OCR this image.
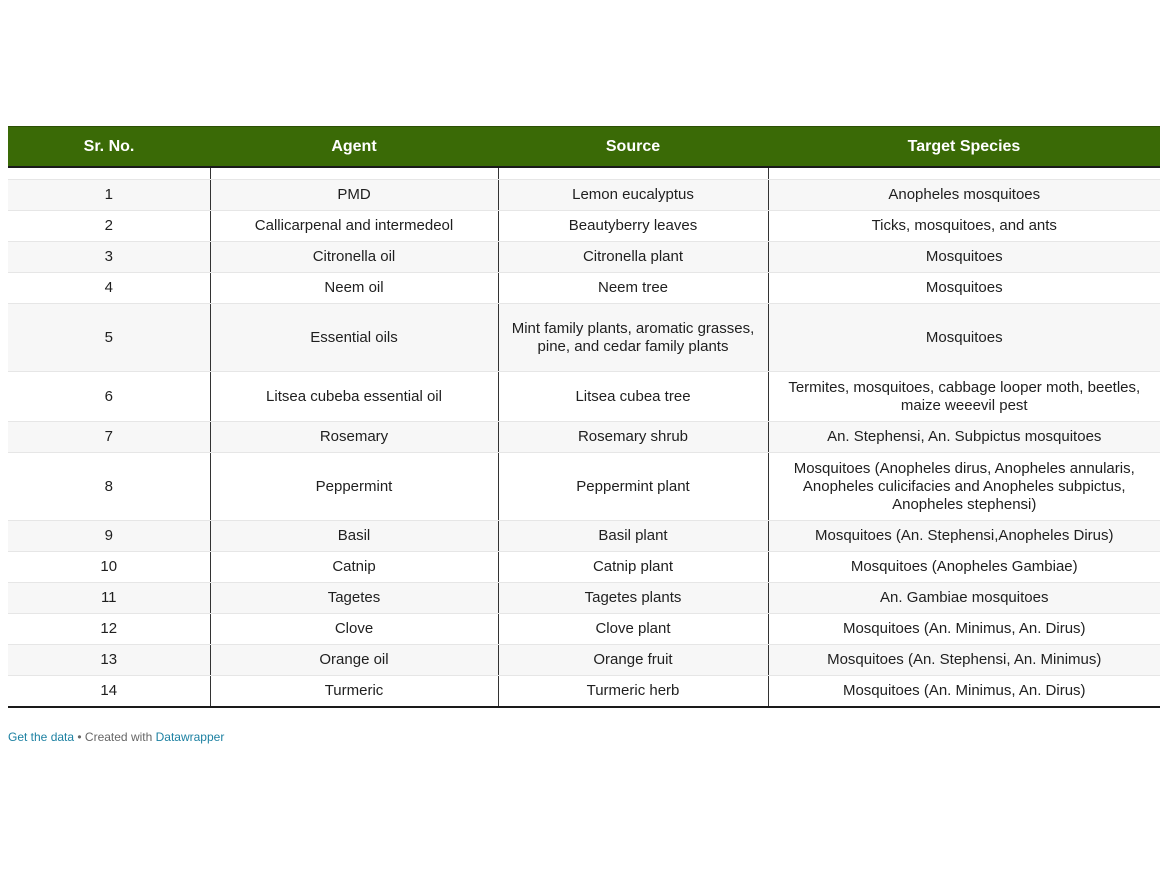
Sr. No.	Agent	Source	Target Species

1	PMD	Lemon eucalyptus	Anopheles mosquitoes
2	Callicarpenal and intermedeol	Beautyberry leaves	Ticks, mosquitoes, and ants
3	Citronella oil	Citronella plant	Mosquitoes
4	Neem oil	Neem tree	Mosquitoes
5	Essential oils	Mint family plants, aromatic grasses, pine, and cedar family plants	Mosquitoes
6	Litsea cubeba essential oil	Litsea cubea tree	Termites, mosquitoes, cabbage looper moth, beetles, maize weeevil pest
7	Rosemary	Rosemary shrub	An. Stephensi, An. Subpictus mosquitoes
8	Peppermint	Peppermint plant	Mosquitoes (Anopheles dirus, Anopheles annularis, Anopheles culicifacies and Anopheles subpictus, Anopheles stephensi)
9	Basil	Basil plant	Mosquitoes (An. Stephensi,Anopheles Dirus)
10	Catnip	Catnip plant	Mosquitoes (Anopheles Gambiae)
11	Tagetes	Tagetes plants	An. Gambiae mosquitoes
12	Clove	Clove plant	Mosquitoes (An. Minimus, An. Dirus)
13	Orange oil	Orange fruit	Mosquitoes (An. Stephensi, An. Minimus)
14	Turmeric	Turmeric herb	Mosquitoes (An. Minimus, An. Dirus)
Get the data • Created with Datawrapper
